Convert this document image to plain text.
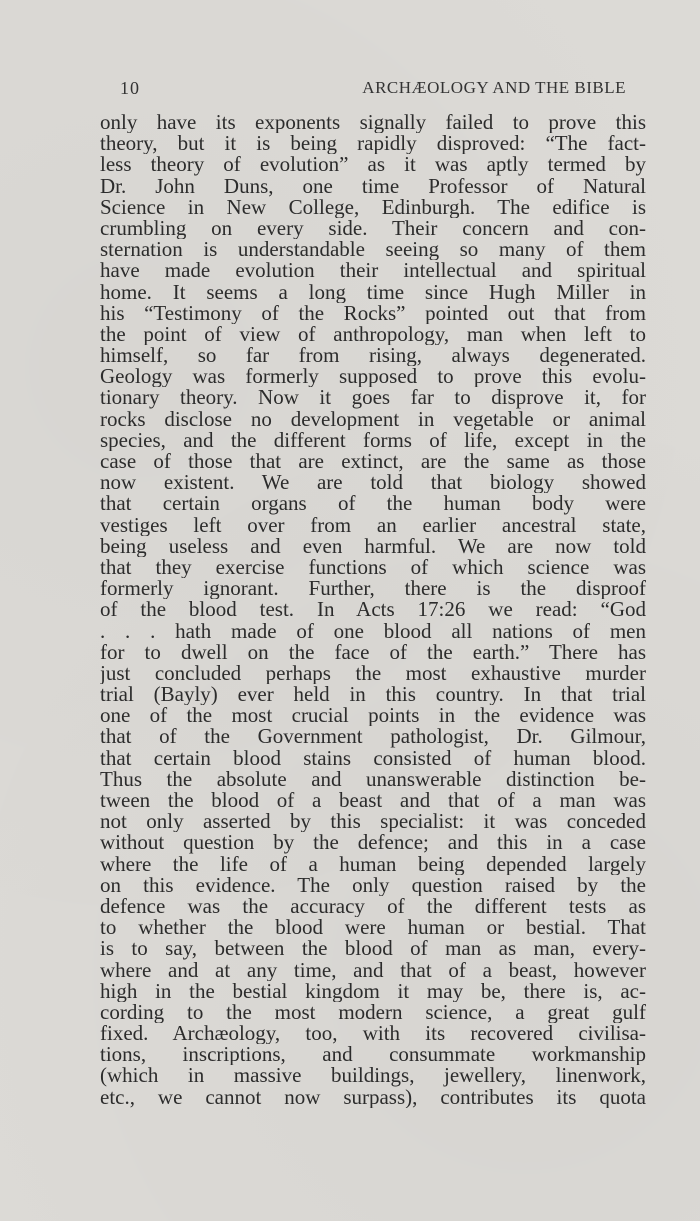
10	ARCHÆOLOGY AND THE BIBLE
only have its exponents signally failed to prove this
theory, but it is being rapidly disproved: “The fact-
less theory of evolution” as it was aptly termed by
Dr. John Duns, one time Professor of Natural
Science in New College, Edinburgh. The edifice is
crumbling on every side. Their concern and con-
sternation is understandable seeing so many of them
have made evolution their intellectual and spiritual
home. It seems a long time since Hugh Miller in
his “Testimony of the Rocks” pointed out that from
the point of view of anthropology, man when left to
himself, so far from rising, always degenerated.
Geology was formerly supposed to prove this evolu-
tionary theory. Now it goes far to disprove it, for
rocks disclose no development in vegetable or animal
species, and the different forms of life, except in the
case of those that are extinct, are the same as those
now existent. We are told that biology showed
that certain organs of the human body were
vestiges left over from an earlier ancestral state,
being useless and even harmful. We are now told
that they exercise functions of which science was
formerly ignorant. Further, there is the disproof
of the blood test. In Acts 17:26 we read: “God
. . . hath made of one blood all nations of men
for to dwell on the face of the earth.” There has
just concluded perhaps the most exhaustive murder
trial (Bayly) ever held in this country. In that trial
one of the most crucial points in the evidence was
that of the Government pathologist, Dr. Gilmour,
that certain blood stains consisted of human blood.
Thus the absolute and unanswerable distinction be-
tween the blood of a beast and that of a man was
not only asserted by this specialist: it was conceded
without question by the defence; and this in a case
where the life of a human being depended largely
on this evidence. The only question raised by the
defence was the accuracy of the different tests as
to whether the blood were human or bestial. That
is to say, between the blood of man as man, every-
where and at any time, and that of a beast, however
high in the bestial kingdom it may be, there is, ac-
cording to the most modern science, a great gulf
fixed. Archæology, too, with its recovered civilisa-
tions, inscriptions, and consummate workmanship
(which in massive buildings, jewellery, linenwork,
etc., we cannot now surpass), contributes its quota
